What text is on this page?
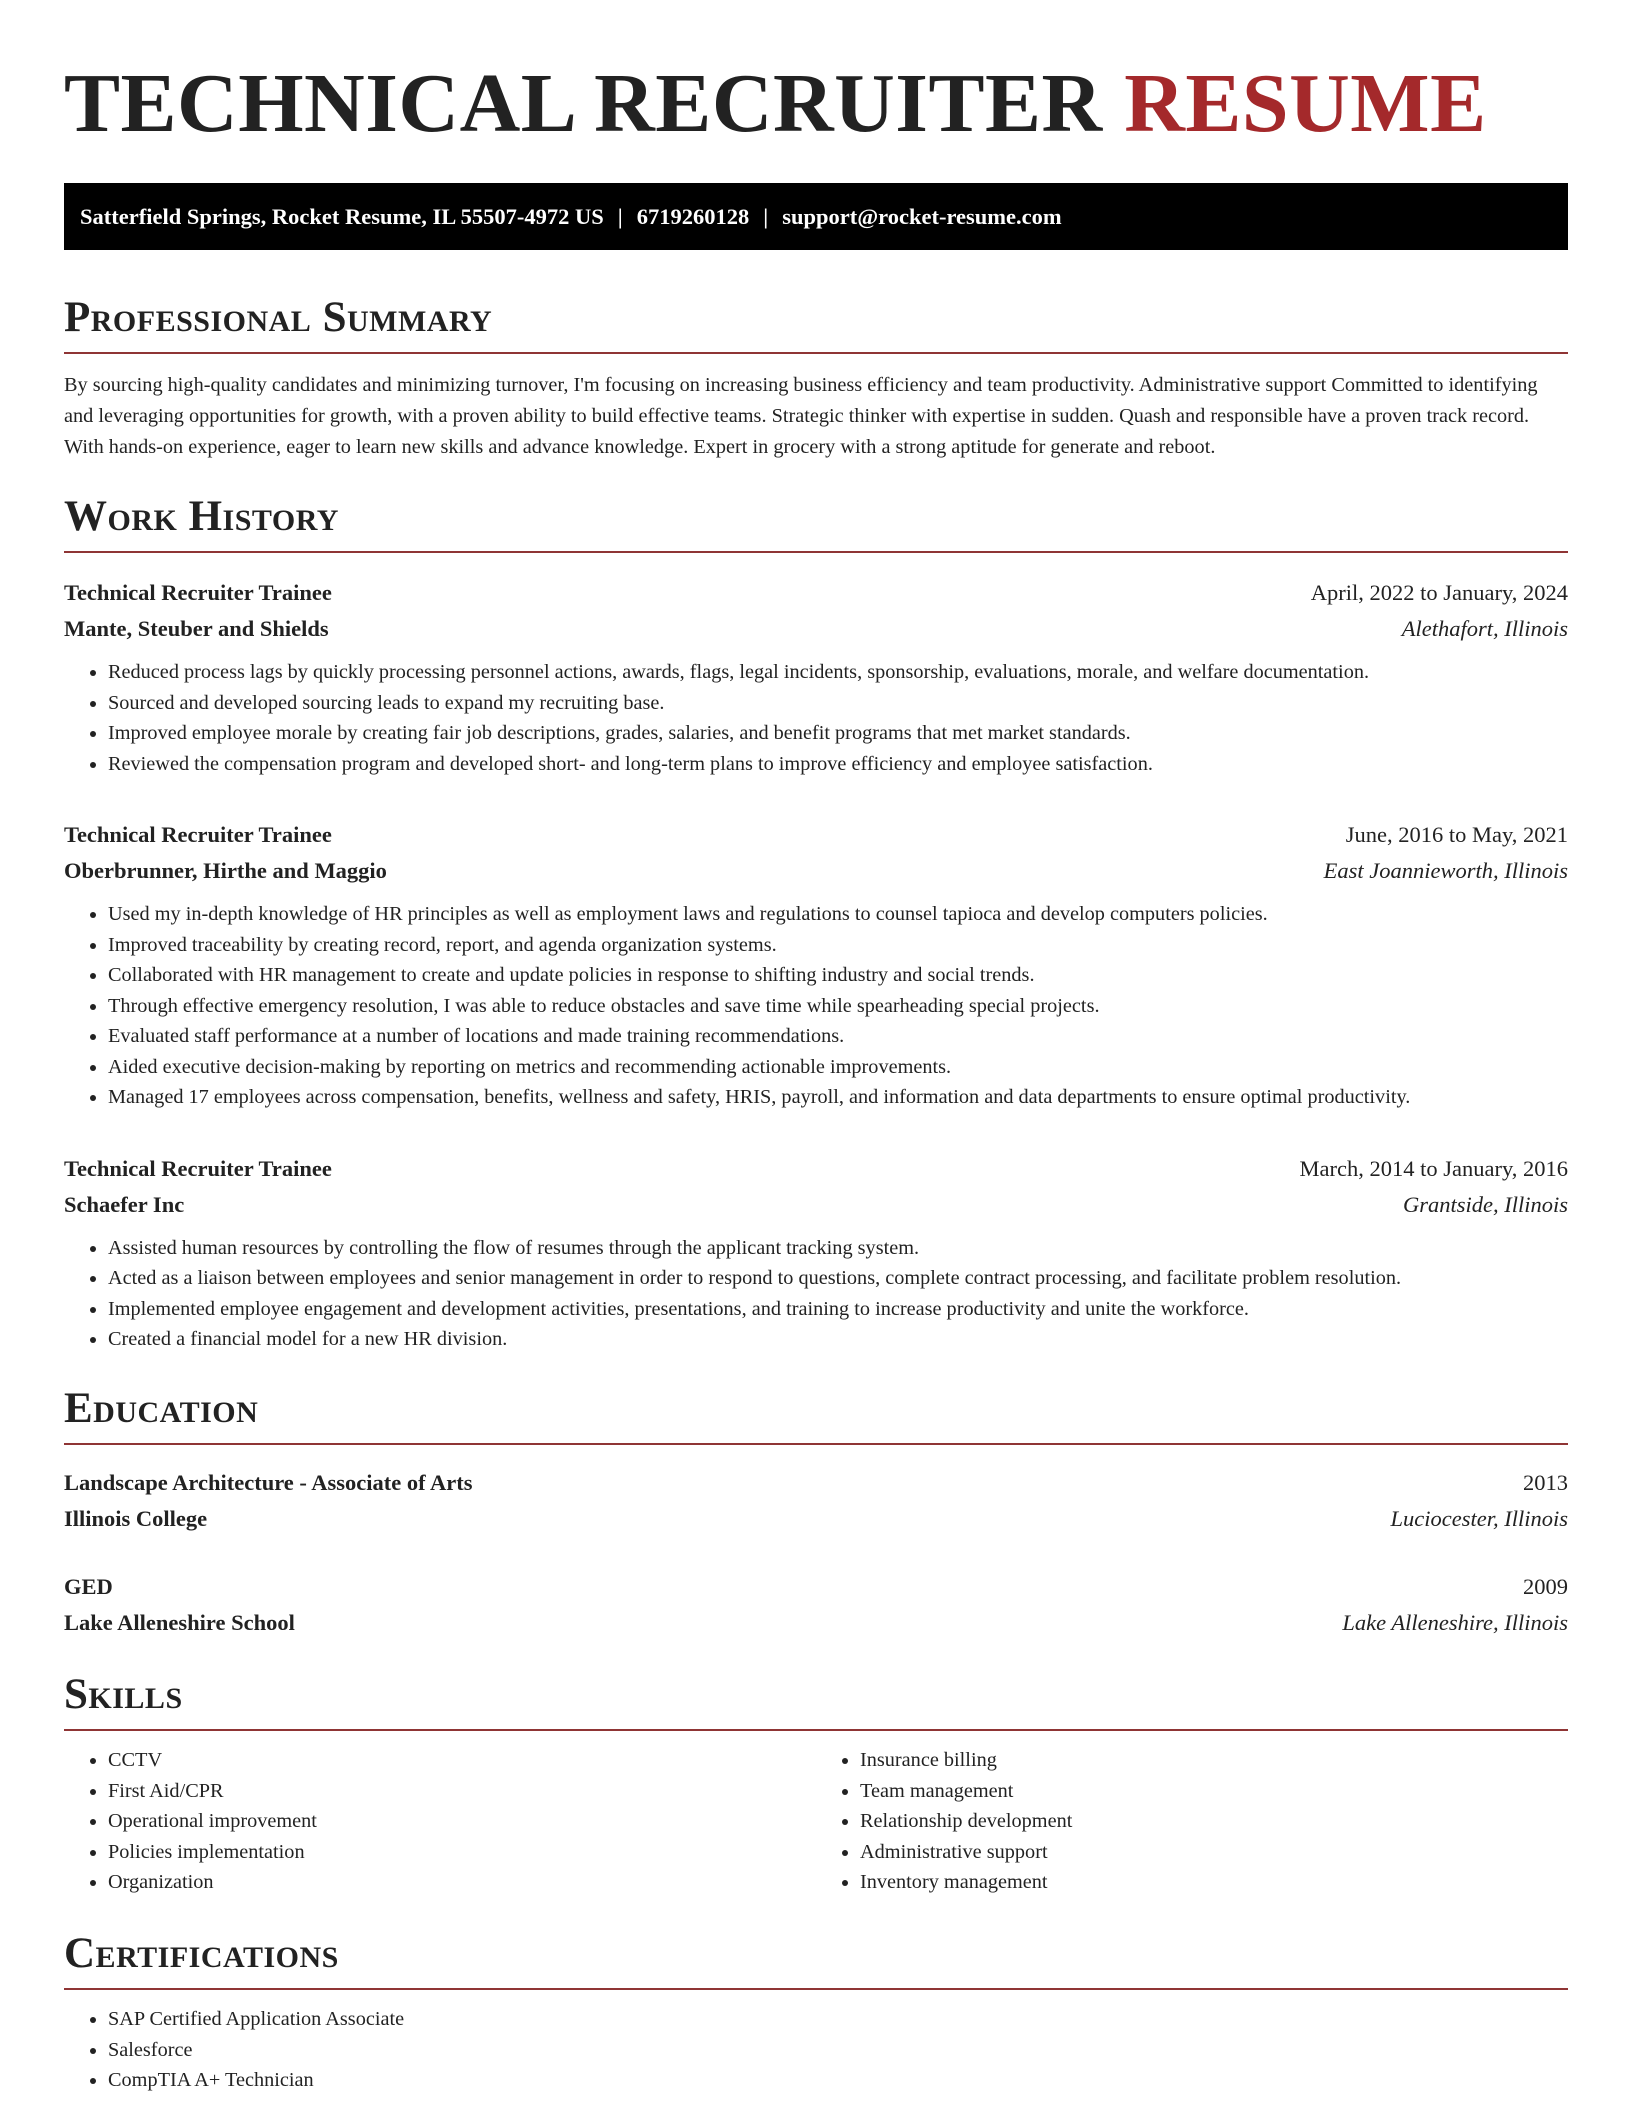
TECHNICAL RECRUITER RESUME
Satterfield Springs, Rocket Resume, IL 55507-4972 US | 6719260128 | support@rocket-resume.com
Professional Summary

By sourcing high-quality candidates and minimizing turnover, I'm focusing on increasing business efficiency and team productivity. Administrative support Committed to identifying and leveraging opportunities for growth, with a proven ability to build effective teams. Strategic thinker with expertise in sudden. Quash and responsible have a proven track record. With hands-on experience, eager to learn new skills and advance knowledge. Expert in grocery with a strong aptitude for generate and reboot.

Work History
Technical Recruiter Trainee	April, 2022 to January, 2024
Mante, Steuber and Shields	Alethafort, Illinois
• Reduced process lags by quickly processing personnel actions, awards, flags, legal incidents, sponsorship, evaluations, morale, and welfare documentation.
• Sourced and developed sourcing leads to expand my recruiting base.
• Improved employee morale by creating fair job descriptions, grades, salaries, and benefit programs that met market standards.
• Reviewed the compensation program and developed short- and long-term plans to improve efficiency and employee satisfaction.
Technical Recruiter Trainee	June, 2016 to May, 2021
Oberbrunner, Hirthe and Maggio	East Joannieworth, Illinois
• Used my in-depth knowledge of HR principles as well as employment laws and regulations to counsel tapioca and develop computers policies.
• Improved traceability by creating record, report, and agenda organization systems.
• Collaborated with HR management to create and update policies in response to shifting industry and social trends.
• Through effective emergency resolution, I was able to reduce obstacles and save time while spearheading special projects.
• Evaluated staff performance at a number of locations and made training recommendations.
• Aided executive decision-making by reporting on metrics and recommending actionable improvements.
• Managed 17 employees across compensation, benefits, wellness and safety, HRIS, payroll, and information and data departments to ensure optimal productivity.
Technical Recruiter Trainee	March, 2014 to January, 2016
Schaefer Inc	Grantside, Illinois
• Assisted human resources by controlling the flow of resumes through the applicant tracking system.
• Acted as a liaison between employees and senior management in order to respond to questions, complete contract processing, and facilitate problem resolution.
• Implemented employee engagement and development activities, presentations, and training to increase productivity and unite the workforce.
• Created a financial model for a new HR division.
Education
Landscape Architecture - Associate of Arts	2013
Illinois College	Luciocester, Illinois
GED	2009
Lake Alleneshire School	Lake Alleneshire, Illinois
Skills
• CCTV
• First Aid/CPR
• Operational improvement
• Policies implementation
• Organization
• Insurance billing
• Team management
• Relationship development
• Administrative support
• Inventory management
Certifications
• SAP Certified Application Associate
• Salesforce
• CompTIA A+ Technician
